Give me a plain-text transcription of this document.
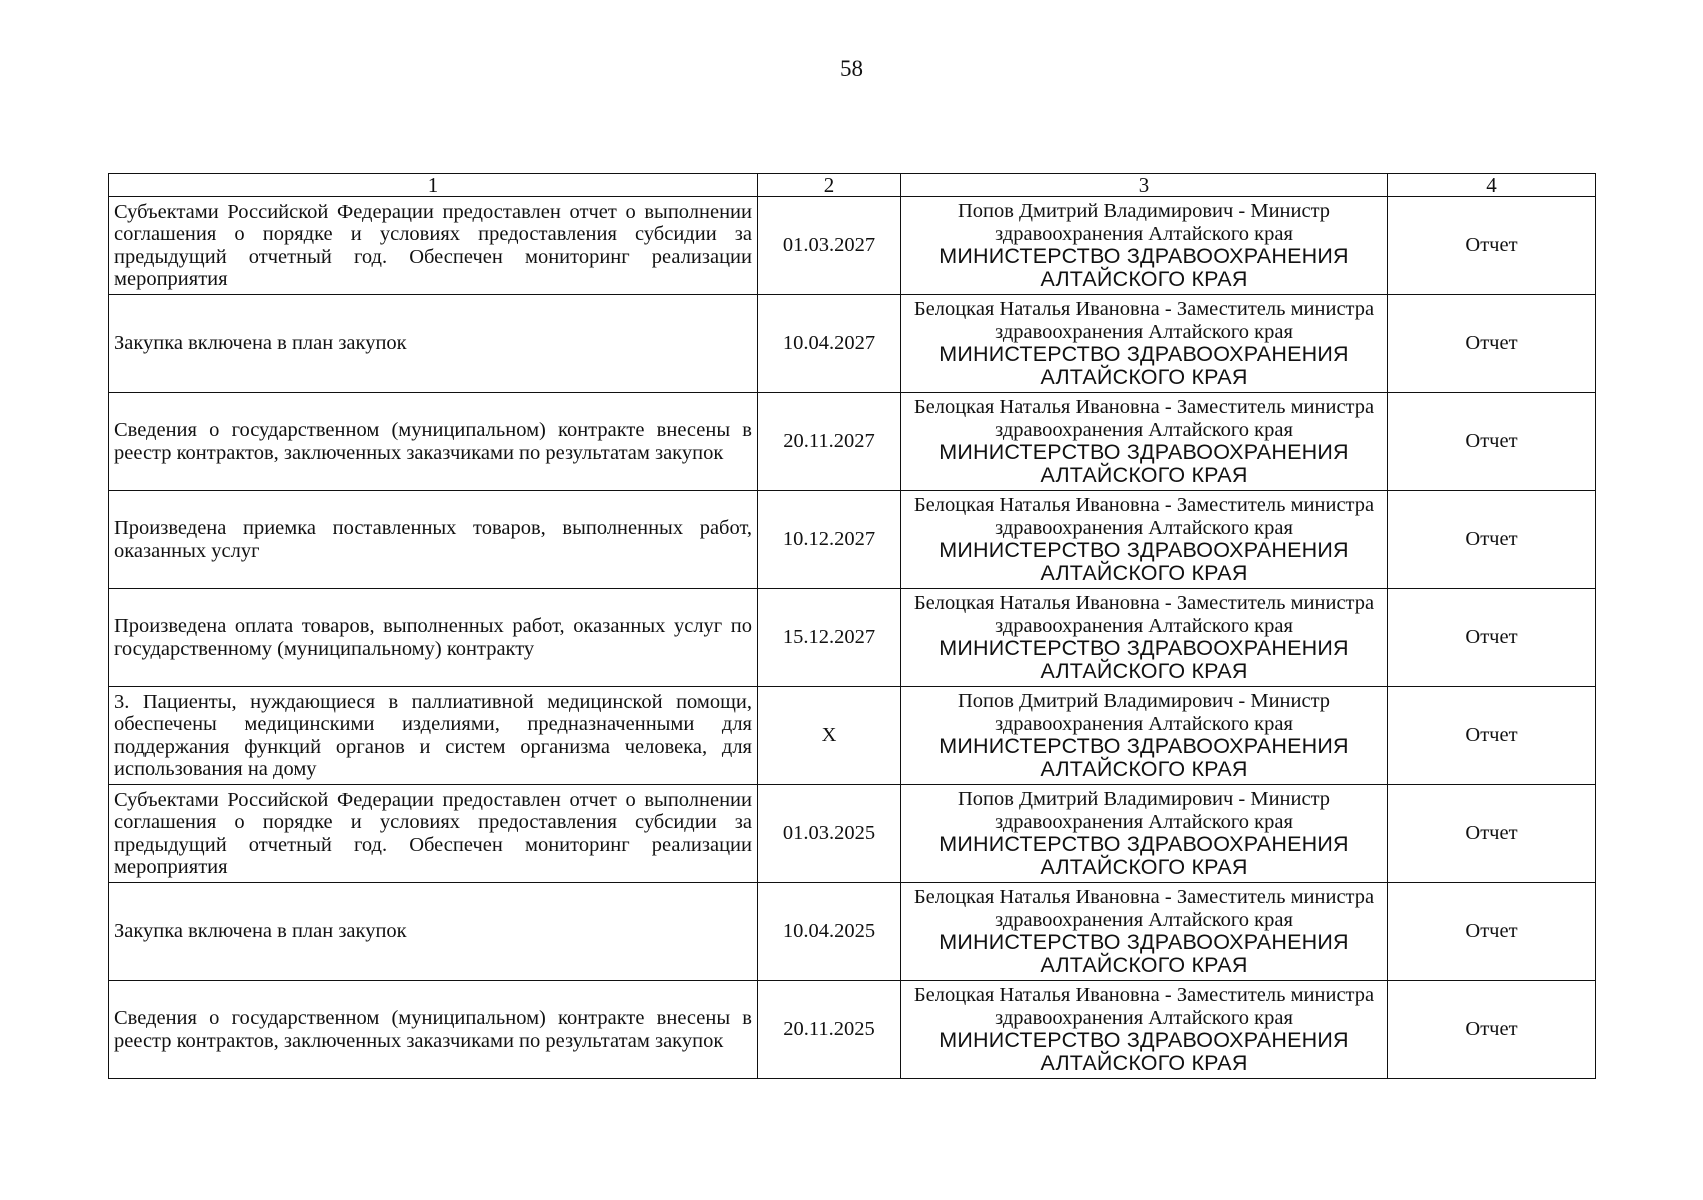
58
1	2	3	4
Субъектами Российской Федерации предоставлен отчет о выполнении соглашения о порядке и условиях предоставления субсидии за предыдущий отчетный год. Обеспечен мониторинг реализации мероприятия	01.03.2027	Попов Дмитрий Владимирович - Министр здравоохранения Алтайского края
МИНИСТЕРСТВО ЗДРАВООХРАНЕНИЯ АЛТАЙСКОГО КРАЯ	Отчет
Закупка включена в план закупок	10.04.2027	Белоцкая Наталья Ивановна - Заместитель министра здравоохранения Алтайского края
МИНИСТЕРСТВО ЗДРАВООХРАНЕНИЯ АЛТАЙСКОГО КРАЯ	Отчет
Сведения о государственном (муниципальном) контракте внесены в реестр контрактов, заключенных заказчиками по результатам закупок	20.11.2027	Белоцкая Наталья Ивановна - Заместитель министра здравоохранения Алтайского края
МИНИСТЕРСТВО ЗДРАВООХРАНЕНИЯ АЛТАЙСКОГО КРАЯ	Отчет
Произведена приемка поставленных товаров, выполненных работ, оказанных услуг	10.12.2027	Белоцкая Наталья Ивановна - Заместитель министра здравоохранения Алтайского края
МИНИСТЕРСТВО ЗДРАВООХРАНЕНИЯ АЛТАЙСКОГО КРАЯ	Отчет
Произведена оплата товаров, выполненных работ, оказанных услуг по государственному (муниципальному) контракту	15.12.2027	Белоцкая Наталья Ивановна - Заместитель министра здравоохранения Алтайского края
МИНИСТЕРСТВО ЗДРАВООХРАНЕНИЯ АЛТАЙСКОГО КРАЯ	Отчет
3. Пациенты, нуждающиеся в паллиативной медицинской помощи, обеспечены медицинскими изделиями, предназначенными для поддержания функций органов и систем организма человека, для использования на дому	Х	Попов Дмитрий Владимирович - Министр здравоохранения Алтайского края
МИНИСТЕРСТВО ЗДРАВООХРАНЕНИЯ АЛТАЙСКОГО КРАЯ	Отчет
Субъектами Российской Федерации предоставлен отчет о выполнении соглашения о порядке и условиях предоставления субсидии за предыдущий отчетный год. Обеспечен мониторинг реализации мероприятия	01.03.2025	Попов Дмитрий Владимирович - Министр здравоохранения Алтайского края
МИНИСТЕРСТВО ЗДРАВООХРАНЕНИЯ АЛТАЙСКОГО КРАЯ	Отчет
Закупка включена в план закупок	10.04.2025	Белоцкая Наталья Ивановна - Заместитель министра здравоохранения Алтайского края
МИНИСТЕРСТВО ЗДРАВООХРАНЕНИЯ АЛТАЙСКОГО КРАЯ	Отчет
Сведения о государственном (муниципальном) контракте внесены в реестр контрактов, заключенных заказчиками по результатам закупок	20.11.2025	Белоцкая Наталья Ивановна - Заместитель министра здравоохранения Алтайского края
МИНИСТЕРСТВО ЗДРАВООХРАНЕНИЯ АЛТАЙСКОГО КРАЯ	Отчет
